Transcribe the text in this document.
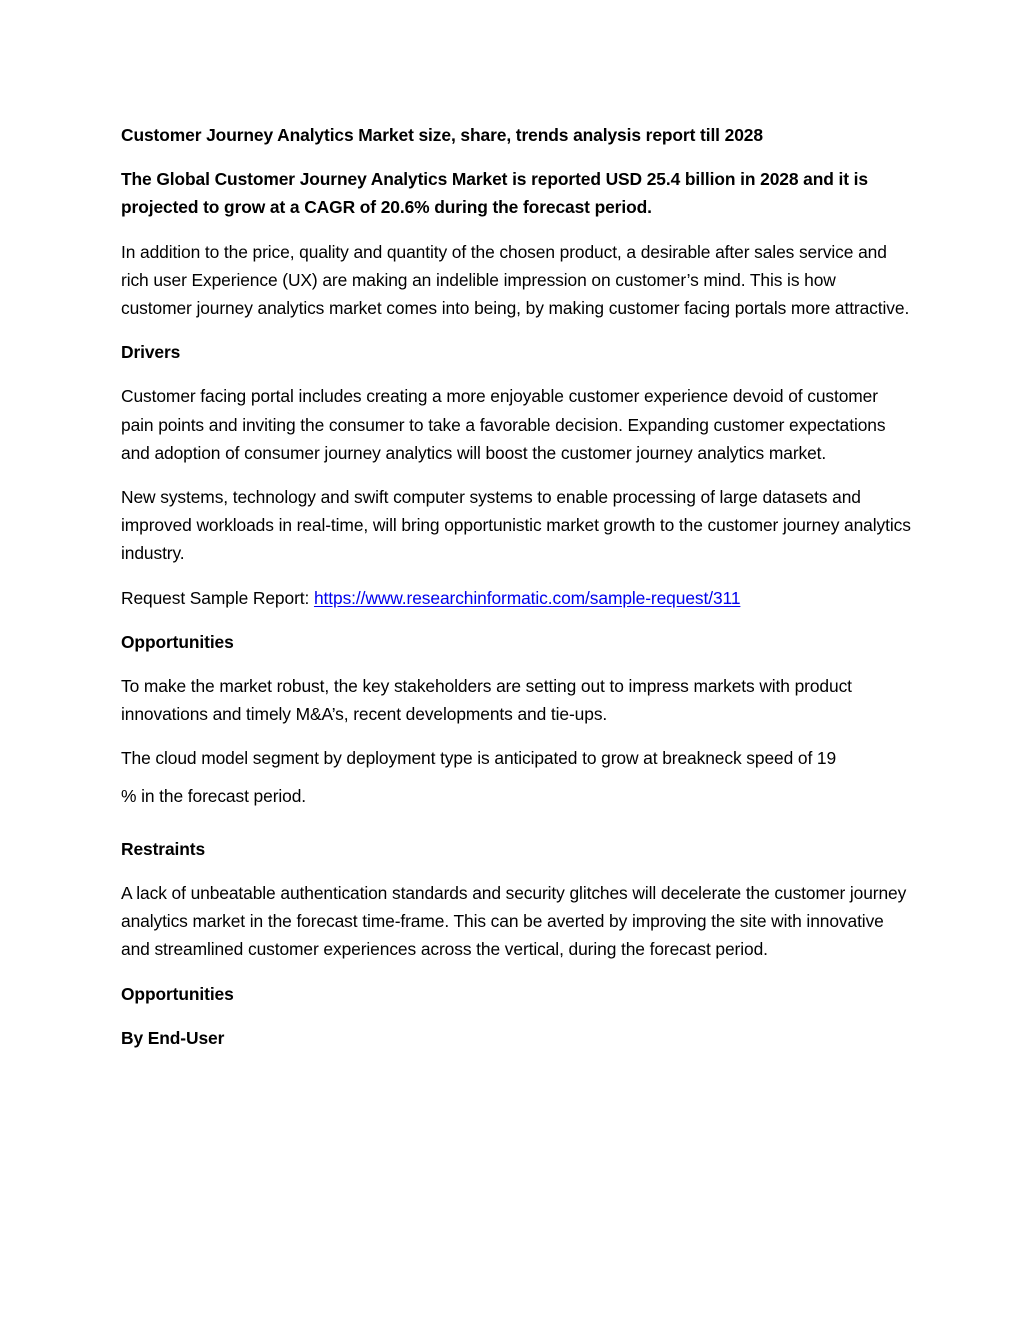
Customer Journey Analytics Market size, share, trends analysis report till 2028

The Global Customer Journey Analytics Market is reported USD 25.4 billion in 2028 and it is projected to grow at a CAGR of 20.6% during the forecast period.

In addition to the price, quality and quantity of the chosen product, a desirable after sales service and rich user Experience (UX) are making an indelible impression on customer’s mind. This is how customer journey analytics market comes into being, by making customer facing portals more attractive.

Drivers

Customer facing portal includes creating a more enjoyable customer experience devoid of customer pain points and inviting the consumer to take a favorable decision. Expanding customer expectations and adoption of consumer journey analytics will boost the customer journey analytics market.

New systems, technology and swift computer systems to enable processing of large datasets and improved workloads in real-time, will bring opportunistic market growth to the customer journey analytics industry.

Request Sample Report: https://www.researchinformatic.com/sample-request/311

Opportunities

To make the market robust, the key stakeholders are setting out to impress markets with product innovations and timely M&A’s, recent developments and tie-ups.

The cloud model segment by deployment type is anticipated to grow at breakneck speed of 19

% in the forecast period.

Restraints

A lack of unbeatable authentication standards and security glitches will decelerate the customer journey analytics market in the forecast time-frame. This can be averted by improving the site with innovative and streamlined customer experiences across the vertical, during the forecast period.

Opportunities

By End-User
